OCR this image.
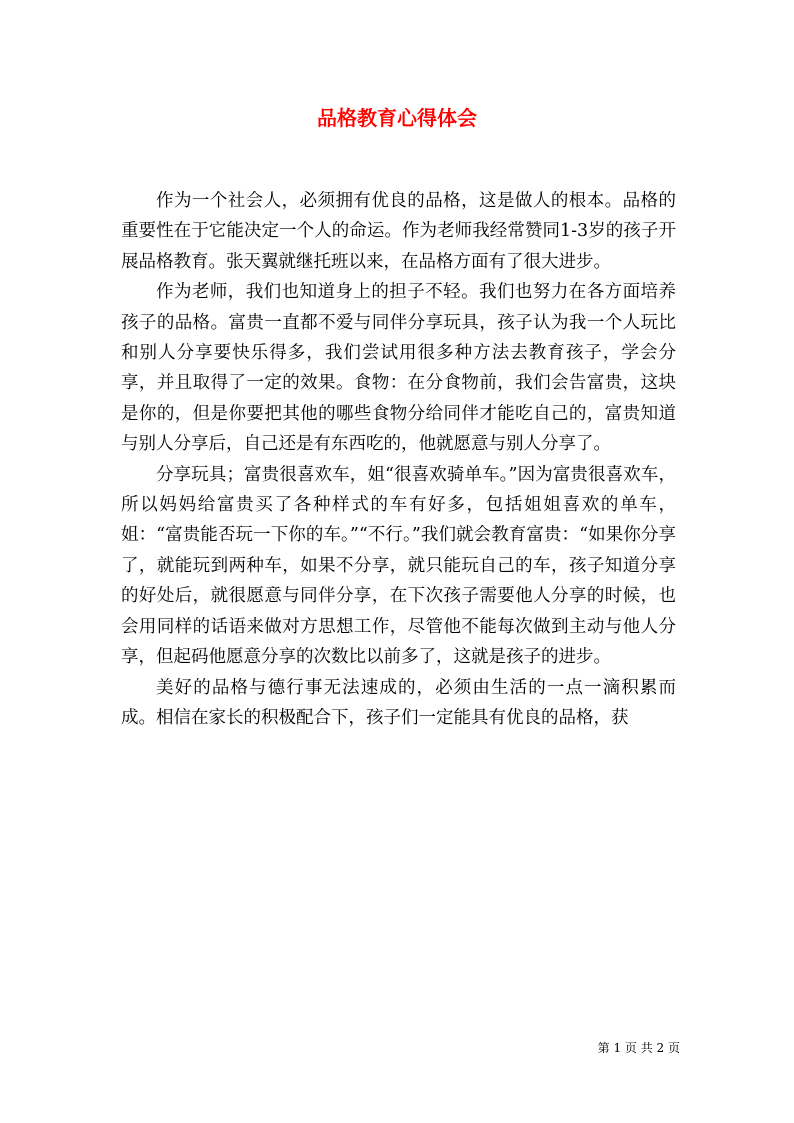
品格教育心得体会

作为一个社会人，必须拥有优良的品格，这是做人的根本。品格的重要性在于它能决定一个人的命运。作为老师我经常赞同1-3岁的孩子开展品格教育。张天翼就继托班以来，在品格方面有了很大进步。

作为老师，我们也知道身上的担子不轻。我们也努力在各方面培养孩子的品格。富贵一直都不爱与同伴分享玩具，孩子认为我一个人玩比和别人分享要快乐得多，我们尝试用很多种方法去教育孩子，学会分享，并且取得了一定的效果。食物：在分食物前，我们会告富贵，这块是你的，但是你要把其他的哪些食物分给同伴才能吃自己的，富贵知道与别人分享后，自己还是有东西吃的，他就愿意与别人分享了。

分享玩具；富贵很喜欢车，姐“很喜欢骑单车。”因为富贵很喜欢车，所以妈妈给富贵买了各种样式的车有好多，包括姐姐喜欢的单车，姐：“富贵能否玩一下你的车。”“不行。”我们就会教育富贵：“如果你分享了，就能玩到两种车，如果不分享，就只能玩自己的车，孩子知道分享的好处后，就很愿意与同伴分享，在下次孩子需要他人分享的时候，也会用同样的话语来做对方思想工作，尽管他不能每次做到主动与他人分享，但起码他愿意分享的次数比以前多了，这就是孩子的进步。

美好的品格与德行事无法速成的，必须由生活的一点一滴积累而成。相信在家长的积极配合下，孩子们一定能具有优良的品格，获

第 1 页 共 2 页
